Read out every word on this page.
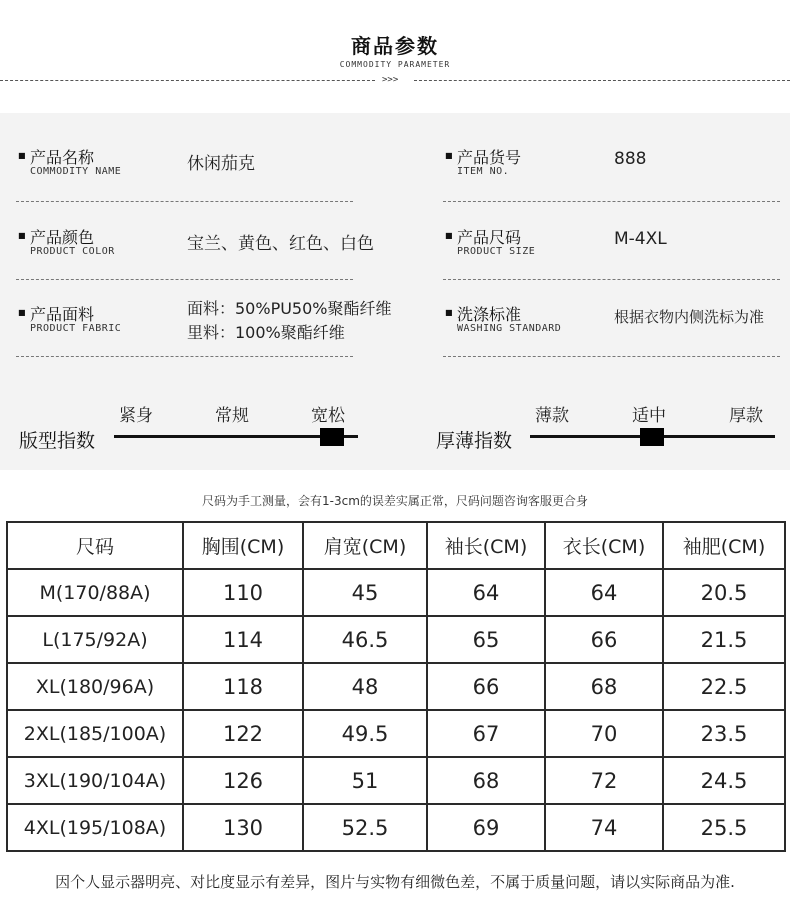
商品参数
COMMODITY PARAMETER
>>>
■ 产品名称
COMMODITY NAME	休闲茄克	■ 产品货号
ITEM NO.
888
■ 产品颜色
PRODUCT COLOR	宝兰、黄色、红色、白色	■ 产品尺码
PRODUCT SIZE
M-4XL
■ 产品面料
PRODUCT FABRIC
面料：50%PU50%聚酯纤维
里料：100%聚酯纤维
■ 洗涤标准
WASHING STANDARD
根据衣物内侧洗标为准
版型指数
紧身	常规	宽松
厚薄指数
薄款	适中	厚款
尺码为手工测量，会有1-3cm的误差实属正常，尺码问题咨询客服更合身
尺码	胸围(CM)	肩宽(CM)	袖长(CM)	衣长(CM)	袖肥(CM)
M(170/88A)	110	45	64	64	20.5
L(175/92A)	114	46.5	65	66	21.5
XL(180/96A)	118	48	66	68	22.5
2XL(185/100A)	122	49.5	67	70	23.5
3XL(190/104A)	126	51	68	72	24.5
4XL(195/108A)	130	52.5	69	74	25.5
因个人显示器明亮、对比度显示有差异，图片与实物有细微色差，不属于质量问题，请以实际商品为准.
